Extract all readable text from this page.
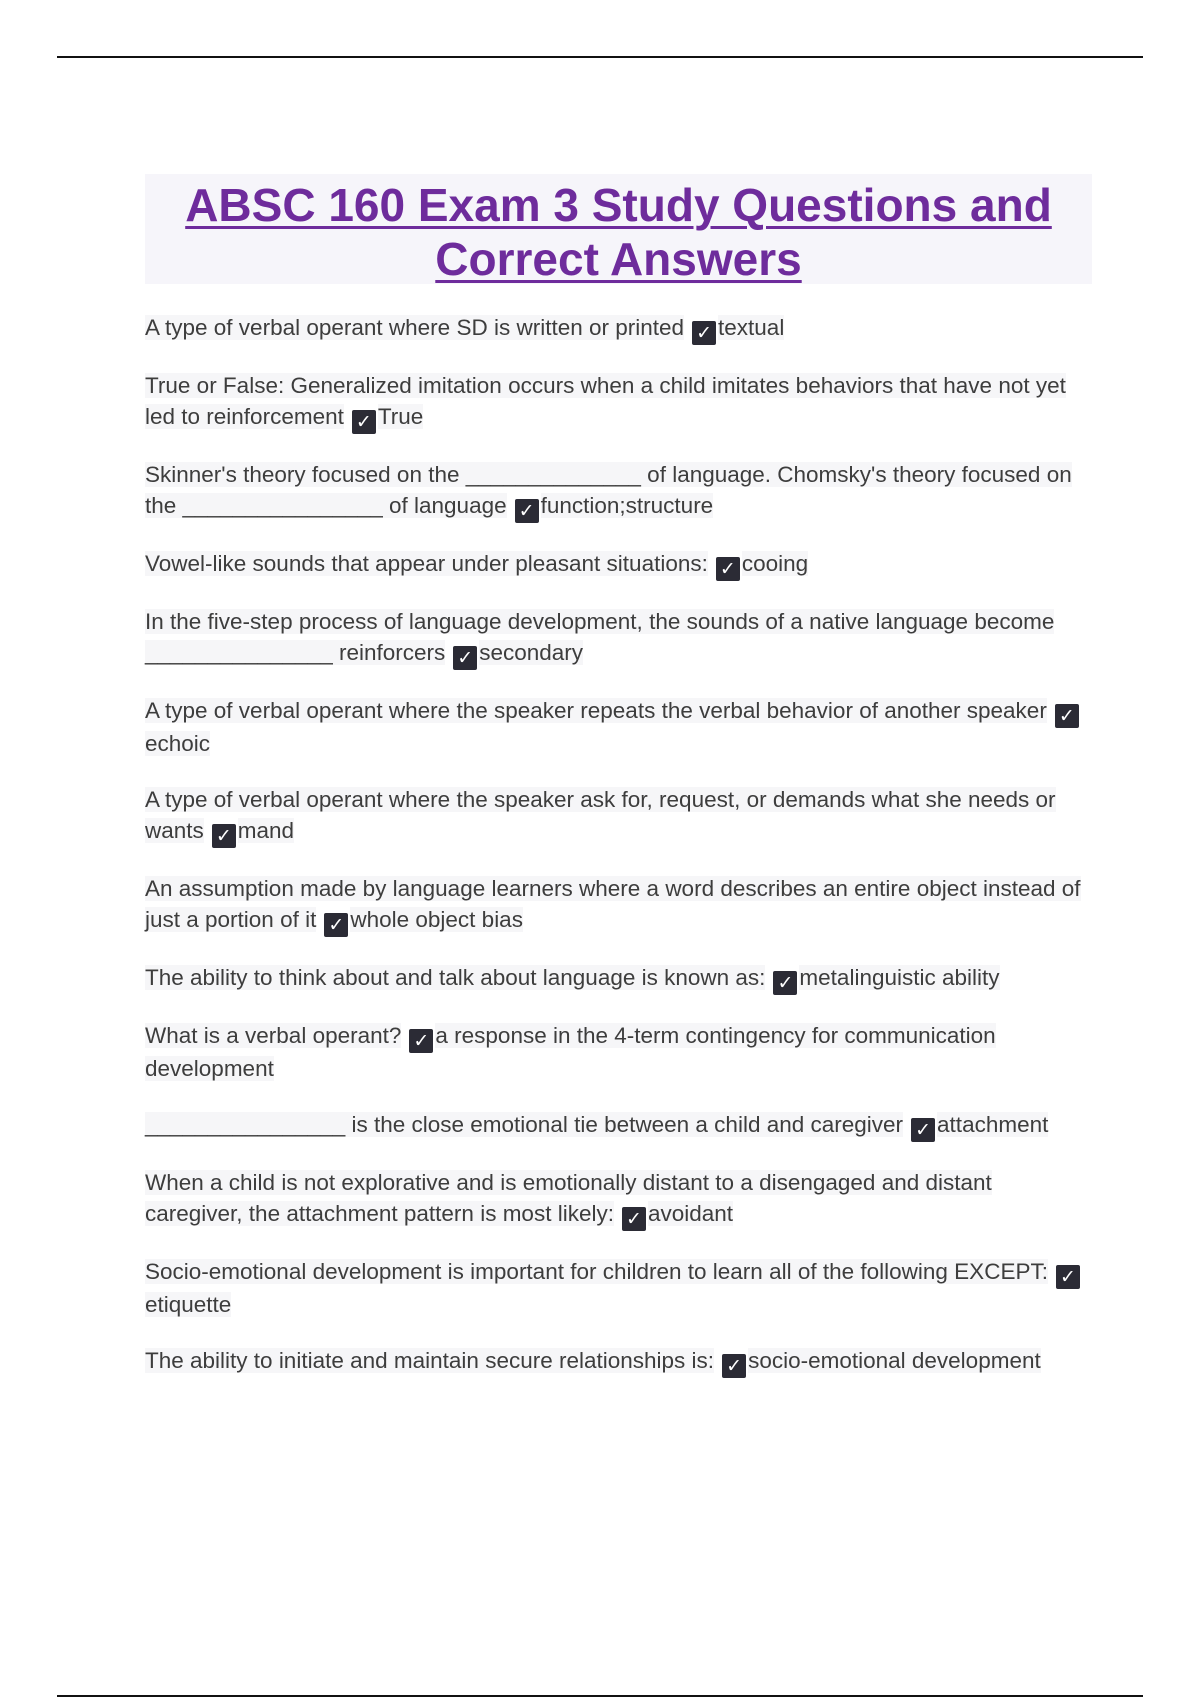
ABSC 160 Exam 3 Study Questions and
Correct Answers

A type of verbal operant where SD is written or printed ✓ textual

True or False: Generalized imitation occurs when a child imitates behaviors that have not yet led to reinforcement ✓ True

Skinner's theory focused on the ______________ of language. Chomsky's theory focused on the ________________ of language ✓ function;structure

Vowel-like sounds that appear under pleasant situations: ✓ cooing

In the five-step process of language development, the sounds of a native language become _______________ reinforcers ✓ secondary

A type of verbal operant where the speaker repeats the verbal behavior of another speaker ✓echoic

A type of verbal operant where the speaker ask for, request, or demands what she needs or wants ✓ mand

An assumption made by language learners where a word describes an entire object instead of just a portion of it ✓ whole object bias

The ability to think about and talk about language is known as: ✓ metalinguistic ability

What is a verbal operant? ✓ a response in the 4-term contingency for communication development

________________ is the close emotional tie between a child and caregiver ✓ attachment

When a child is not explorative and is emotionally distant to a disengaged and distant caregiver, the attachment pattern is most likely: ✓ avoidant

Socio-emotional development is important for children to learn all of the following EXCEPT: ✓etiquette

The ability to initiate and maintain secure relationships is: ✓ socio-emotional development
